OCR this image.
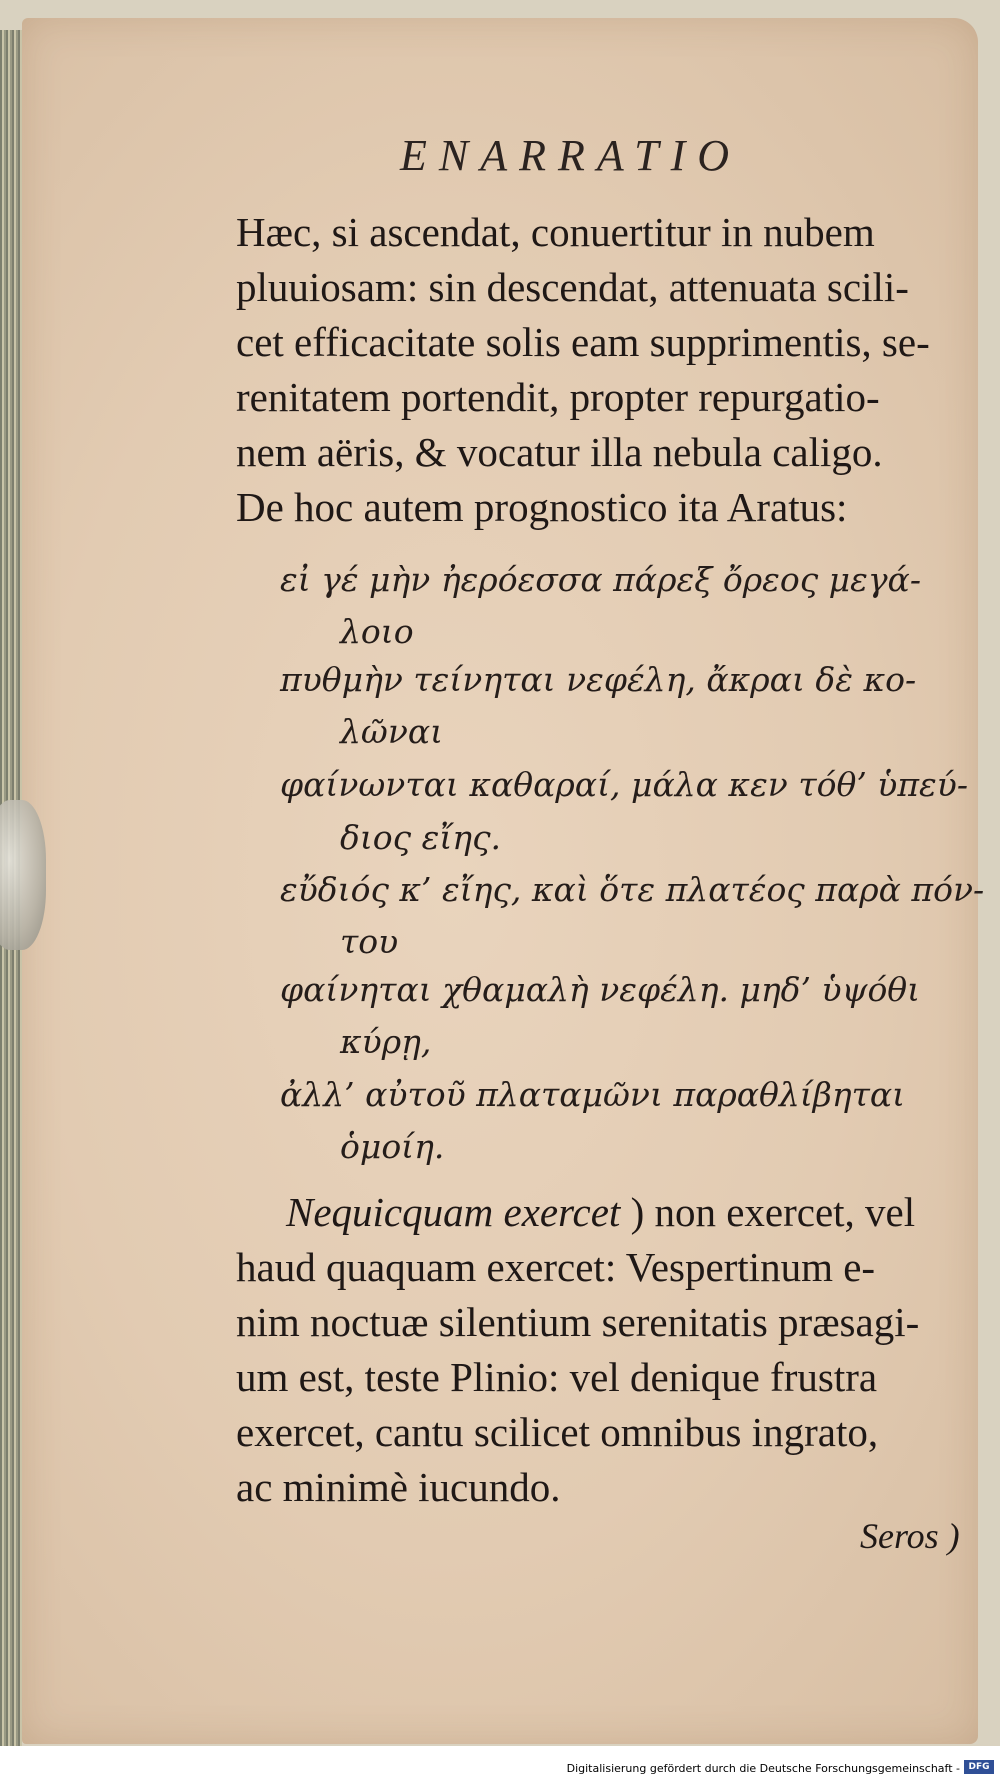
ENARRATIO
Hæc, si ascendat, conuertitur in nubem
pluuiosam: sin descendat, attenuata scili-
cet efficacitate solis eam supprimentis, se-
renitatem portendit, propter repurgatio-
nem aëris, & vocatur illa nebula caligo.
De hoc autem prognostico ita Aratus:
εἰ γέ μὴν ἠερόεσσα πάρεξ ὄρεος μεγά-
λοιο
πυθμὴν τείνηται νεφέλη, ἄκραι δὲ κο-
λῶναι
φαίνωνται καθαραί, μάλα κεν τόθ’ ὑπεύ-
διος εἴης.
εὔδιός κ’ εἴης, καὶ ὅτε πλατέος παρὰ πόν-
του
φαίνηται χθαμαλὴ νεφέλη. μηδ’ ὑψόθι
κύρῃ,
ἀλλ’ αὐτοῦ πλαταμῶνι παραθλίβηται
ὁμοίη.
Nequicquam exercet ) non exercet, vel
haud quaquam exercet: Vespertinum e-
nim noctuæ silentium serenitatis præsagi-
um est, teste Plinio: vel denique frustra
exercet, cantu scilicet omnibus ingrato,
ac minimè iucundo.
Seros )
Digitalisierung gefördert durch die Deutsche Forschungsgemeinschaft - DFG
